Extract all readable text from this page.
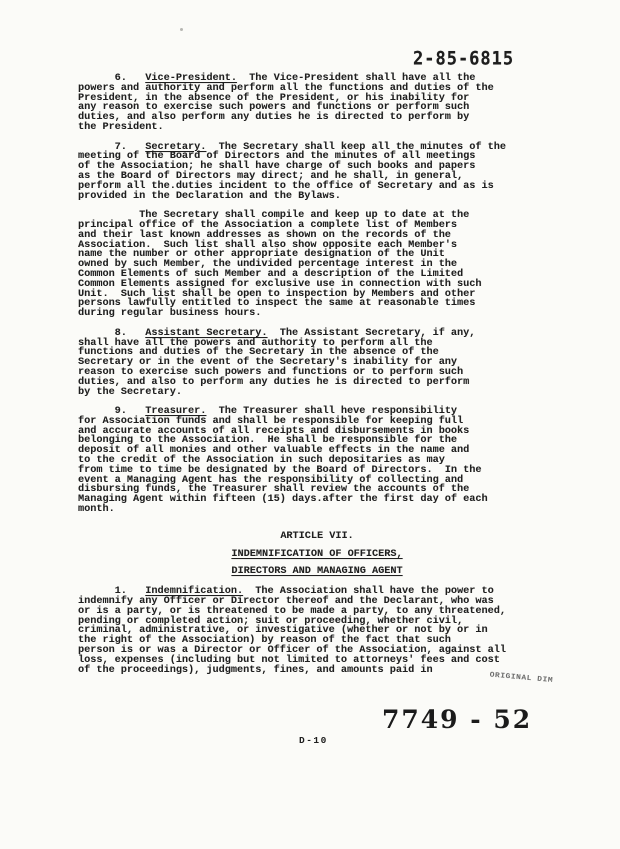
2-85-6815
6.   Vice-President.  The Vice-President shall have all the
powers and authority and perform all the functions and duties of the
President, in the absence of the President, or his inability for
any reason to exercise such powers and functions or perform such
duties, and also perform any duties he is directed to perform by
the President.
7.   Secretary.  The Secretary shall keep all the minutes of the
meeting of the Board of Directors and the minutes of all meetings
of the Association; he shall have charge of such books and papers
as the Board of Directors may direct; and he shall, in general,
perform all the.duties incident to the office of Secretary and as is
provided in the Declaration and the Bylaws.
The Secretary shall compile and keep up to date at the
principal office of the Association a complete list of Members
and their last known addresses as shown on the records of the
Association.  Such list shall also show opposite each Member's
name the number or other appropriate designation of the Unit
owned by such Member, the undivided percentage interest in the
Common Elements of such Member and a description of the Limited
Common Elements assigned for exclusive use in connection with such
Unit.  Such list shall be open to inspection by Members and other
persons lawfully entitled to inspect the same at reasonable times
during regular business hours.
8.   Assistant Secretary.  The Assistant Secretary, if any,
shall have all the powers and authority to perform all the
functions and duties of the Secretary in the absence of the
Secretary or in the event of the Secretary's inability for any
reason to exercise such powers and functions or to perform such
duties, and also to perform any duties he is directed to perform
by the Secretary.
9.   Treasurer.  The Treasurer shall heve responsibility
for Association funds and shall be responsible for keeping full
and accurate accounts of all receipts and disbursements in books
belonging to the Association.  He shall be responsible for the
deposit of all monies and other valuable effects in the name and
to the credit of the Association in such depositaries as may
from time to time be designated by the Board of Directors.  In the
event a Managing Agent has the responsibility of collecting and
disbursing funds, the Treasurer shall review the accounts of the
Managing Agent within fifteen (15) days.after the first day of each
month.
ARTICLE VII.
INDEMNIFICATION OF OFFICERS,
DIRECTORS AND MANAGING AGENT
1.   Indemnification.  The Association shall have the power to
indemnify any Officer or Director thereof and the Declarant, who was
or is a party, or is threatened to be made a party, to any threatened,
pending or completed action; suit or proceeding, whether civil,
criminal, administrative, or investigative (whether or not by or in
the right of the Association) by reason of the fact that such
person is or was a Director or Officer of the Association, against all
loss, expenses (including but not limited to attorneys' fees and cost
of the proceedings), judgments, fines, and amounts paid in
ORIGINAL DIM
D-10
7749 - 52
